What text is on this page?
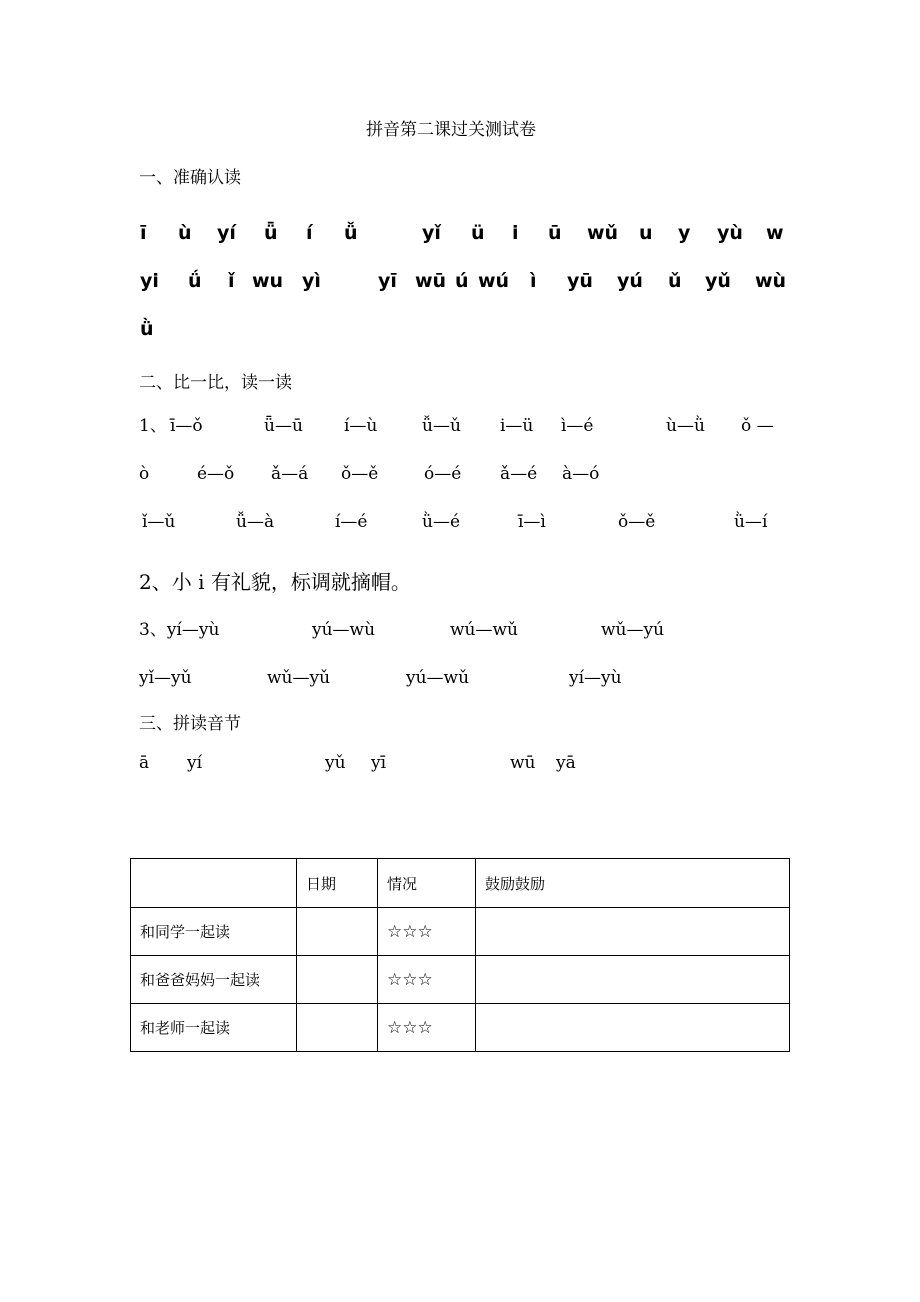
拼音第二课过关测试卷
一、准确认读
ī ù yí ǖ í ǚ	yǐ ü i ū wǔ u y yù w
yi ǘ ǐ wu yì	yī wū ú wú ì yū yú ǔ yǔ wù
ǜ
二、比一比，读一读
1、 ī—ǒ	ǖ—ū í—ù	ǚ—ǔ i—ü ì—é	ù—ǜ ǒ —
ò	é—ǒ ǎ—á ǒ—ě	ó—é ǎ—é à—ó
ǐ—ǔ	ǚ—à	í—é	ǜ—é	ī—ì	ǒ—ě	ǜ—í
2、小 i 有礼貌，标调就摘帽。
3、yí—yù	yú—wù	wú—wǔ	wǔ—yú
yǐ—yǔ	wǔ—yǔ	yú—wǔ	yí—yù
三、拼读音节
ā yí	yǔ yī	wū yā
	日期	情况	鼓励鼓励
和同学一起读		☆☆☆	
和爸爸妈妈一起读		☆☆☆	
和老师一起读		☆☆☆	
